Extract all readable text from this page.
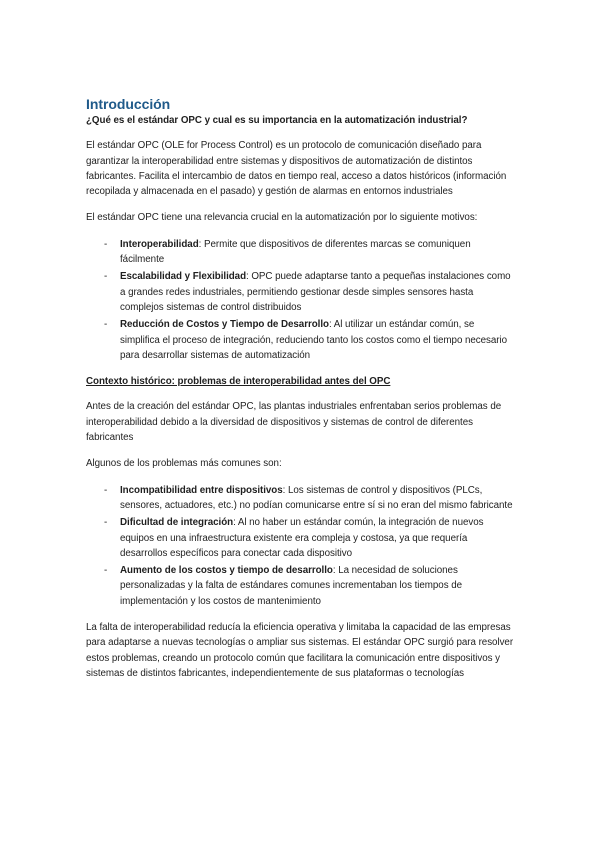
Introducción

¿Qué es el estándar OPC y cual es su importancia en la automatización industrial?

El estándar OPC (OLE for Process Control) es un protocolo de comunicación diseñado para garantizar la interoperabilidad entre sistemas y dispositivos de automatización de distintos fabricantes. Facilita el intercambio de datos en tiempo real, acceso a datos históricos (información recopilada y almacenada en el pasado) y gestión de alarmas en entornos industriales

El estándar OPC tiene una relevancia crucial en la automatización por lo siguiente motivos:

- Interoperabilidad: Permite que dispositivos de diferentes marcas se comuniquen fácilmente
- Escalabilidad y Flexibilidad: OPC puede adaptarse tanto a pequeñas instalaciones como a grandes redes industriales, permitiendo gestionar desde simples sensores hasta complejos sistemas de control distribuidos
- Reducción de Costos y Tiempo de Desarrollo: Al utilizar un estándar común, se simplifica el proceso de integración, reduciendo tanto los costos como el tiempo necesario para desarrollar sistemas de automatización

Contexto histórico: problemas de interoperabilidad antes del OPC

Antes de la creación del estándar OPC, las plantas industriales enfrentaban serios problemas de interoperabilidad debido a la diversidad de dispositivos y sistemas de control de diferentes fabricantes

Algunos de los problemas más comunes son:

- Incompatibilidad entre dispositivos: Los sistemas de control y dispositivos (PLCs, sensores, actuadores, etc.) no podían comunicarse entre sí si no eran del mismo fabricante
- Dificultad de integración: Al no haber un estándar común, la integración de nuevos equipos en una infraestructura existente era compleja y costosa, ya que requería desarrollos específicos para conectar cada dispositivo
- Aumento de los costos y tiempo de desarrollo: La necesidad de soluciones personalizadas y la falta de estándares comunes incrementaban los tiempos de implementación y los costos de mantenimiento

La falta de interoperabilidad reducía la eficiencia operativa y limitaba la capacidad de las empresas para adaptarse a nuevas tecnologías o ampliar sus sistemas. El estándar OPC surgió para resolver estos problemas, creando un protocolo común que facilitara la comunicación entre dispositivos y sistemas de distintos fabricantes, independientemente de sus plataformas o tecnologías
